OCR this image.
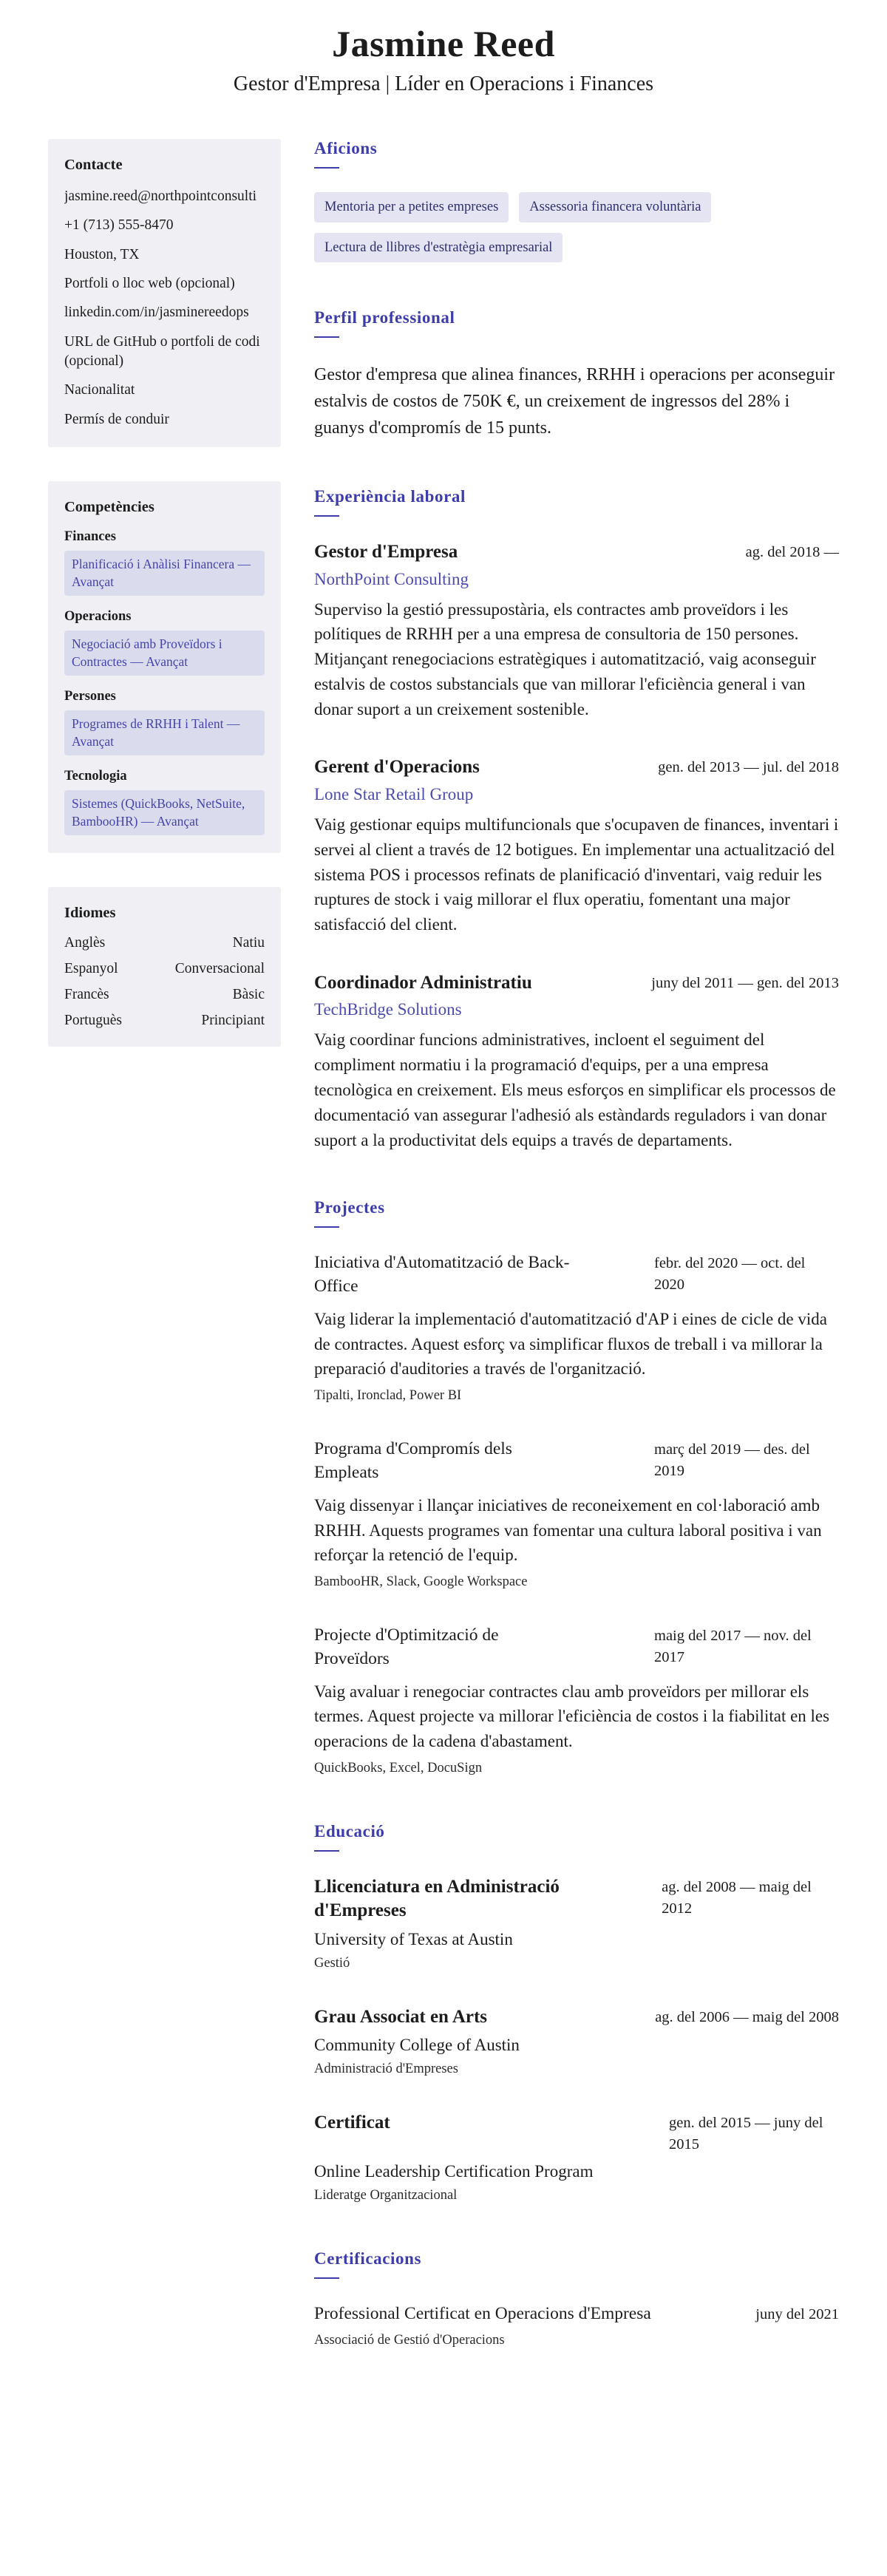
Jasmine Reed
Gestor d'Empresa | Líder en Operacions i Finances
Contacte
jasmine.reed@northpointconsulti
+1 (713) 555-8470
Houston, TX
Portfoli o lloc web (opcional)
linkedin.com/in/jasminereedops
URL de GitHub o portfoli de codi (opcional)
Nacionalitat
Permís de conduir
Competències
Finances
Planificació i Anàlisi Financera — Avançat
Operacions
Negociació amb Proveïdors i Contractes — Avançat
Persones
Programes de RRHH i Talent — Avançat
Tecnologia
Sistemes (QuickBooks, NetSuite, BambooHR) — Avançat
Idiomes
Anglès	Natiu
Espanyol	Conversacional
Francès	Bàsic
Portuguès	Principiant
Aficions
Mentoria per a petites empreses	Assessoria financera voluntària
Lectura de llibres d'estratègia empresarial
Perfil professional

Gestor d'empresa que alinea finances, RRHH i operacions per aconseguir estalvis de costos de 750K €, un creixement de ingressos del 28% i guanys d'compromís de 15 punts.

Experiència laboral
Gestor d'Empresa	ag. del 2018 —
NorthPoint Consulting
Superviso la gestió pressupostària, els contractes amb proveïdors i les polítiques de RRHH per a una empresa de consultoria de 150 persones. Mitjançant renegociacions estratègiques i automatització, vaig aconseguir estalvis de costos substancials que van millorar l'eficiència general i van donar suport a un creixement sostenible.
Gerent d'Operacions	gen. del 2013 — jul. del 2018
Lone Star Retail Group
Vaig gestionar equips multifuncionals que s'ocupaven de finances, inventari i servei al client a través de 12 botigues. En implementar una actualització del sistema POS i processos refinats de planificació d'inventari, vaig reduir les ruptures de stock i vaig millorar el flux operatiu, fomentant una major satisfacció del client.
Coordinador Administratiu	juny del 2011 — gen. del 2013
TechBridge Solutions
Vaig coordinar funcions administratives, incloent el seguiment del compliment normatiu i la programació d'equips, per a una empresa tecnològica en creixement. Els meus esforços en simplificar els processos de documentació van assegurar l'adhesió als estàndards reguladors i van donar suport a la productivitat dels equips a través de departaments.
Projectes
Iniciativa d'Automatització de Back-Office
febr. del 2020 — oct. del 2020
Vaig liderar la implementació d'automatització d'AP i eines de cicle de vida de contractes. Aquest esforç va simplificar fluxos de treball i va millorar la preparació d'auditories a través de l'organització.
Tipalti, Ironclad, Power BI
Programa d'Compromís dels Empleats
març del 2019 — des. del 2019
Vaig dissenyar i llançar iniciatives de reconeixement en col·laboració amb RRHH. Aquests programes van fomentar una cultura laboral positiva i van reforçar la retenció de l'equip.
BambooHR, Slack, Google Workspace
Projecte d'Optimització de Proveïdors
maig del 2017 — nov. del 2017
Vaig avaluar i renegociar contractes clau amb proveïdors per millorar els termes. Aquest projecte va millorar l'eficiència de costos i la fiabilitat en les operacions de la cadena d'abastament.
QuickBooks, Excel, DocuSign
Educació
Llicenciatura en Administració d'Empreses
ag. del 2008 — maig del 2012
University of Texas at Austin
Gestió
Grau Associat en Arts	ag. del 2006 — maig del 2008
Community College of Austin
Administració d'Empreses
Certificat	gen. del 2015 — juny del 2015
Online Leadership Certification Program
Lideratge Organitzacional
Certificacions
Professional Certificat en Operacions d'Empresa	juny del 2021
Associació de Gestió d'Operacions
